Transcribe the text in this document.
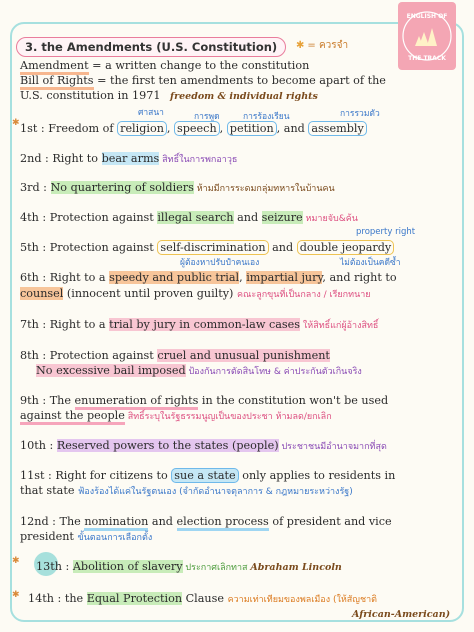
ENGLISH OF
THE TRACK
3. the Amendments (U.S. Constitution)	✱ = ควรจำ
Amendment = a written change to the constitution
Bill of Rights = the first ten amendments to become apart of the
U.S. constitution in 1971 freedom & individual rights
ศาสนา	การพูด	การร้องเรียน	การรวมตัว
✱ 1st : Freedom of religion , speech , petition , and assembly
2nd : Right to bear arms สิทธิ์ในการพกอาวุธ
3rd : No quartering of soldiers ห้ามมีการระดมกลุ่มทหารในบ้านคน
4th : Protection against illegal search and seizure หมายจับ&ค้น
property right
5th : Protection against self-discrimination and double jeopardy
ผู้ต้องหาปรับปำคนเอง	ไม่ต้องเป็นคดีซ้ำ
6th : Right to a speedy and public trial, impartial jury, and right to
counsel (innocent until proven guilty) คณะลูกขุนที่เป็นกลาง / เรียกทนาย
7th : Right to a trial by jury in common-law cases ให้สิทธิ์แก่ผู้อ้างสิทธิ์
8th : Protection against cruel and unusual punishment
No excessive bail imposed ป้องกันการตัดสินโทษ & ค่าประกันตัวเกินจริง
9th : The enumeration of rights in the constitution won't be used
against the people สิทธิ์ระบุในรัฐธรรมนูญเป็นของประชา ห้ามลด/ยกเลิก
10th : Reserved powers to the states (people) ประชาชนมีอำนาจมากที่สุด
11st : Right for citizens to sue a state only applies to residents in
that state ฟ้องร้องได้แค่ในรัฐตนเอง (จำกัดอำนาจตุลาการ & กฎหมายระหว่างรัฐ)
12nd : The nomination and election process of president and vice
president ขั้นตอนการเลือกตั้ง
✱ 13th : Abolition of slavery ประกาศเลิกทาส Abraham Lincoln
✱ 14th : the Equal Protection Clause ความเท่าเทียมของพลเมือง (ให้สัญชาติ
African-American)
